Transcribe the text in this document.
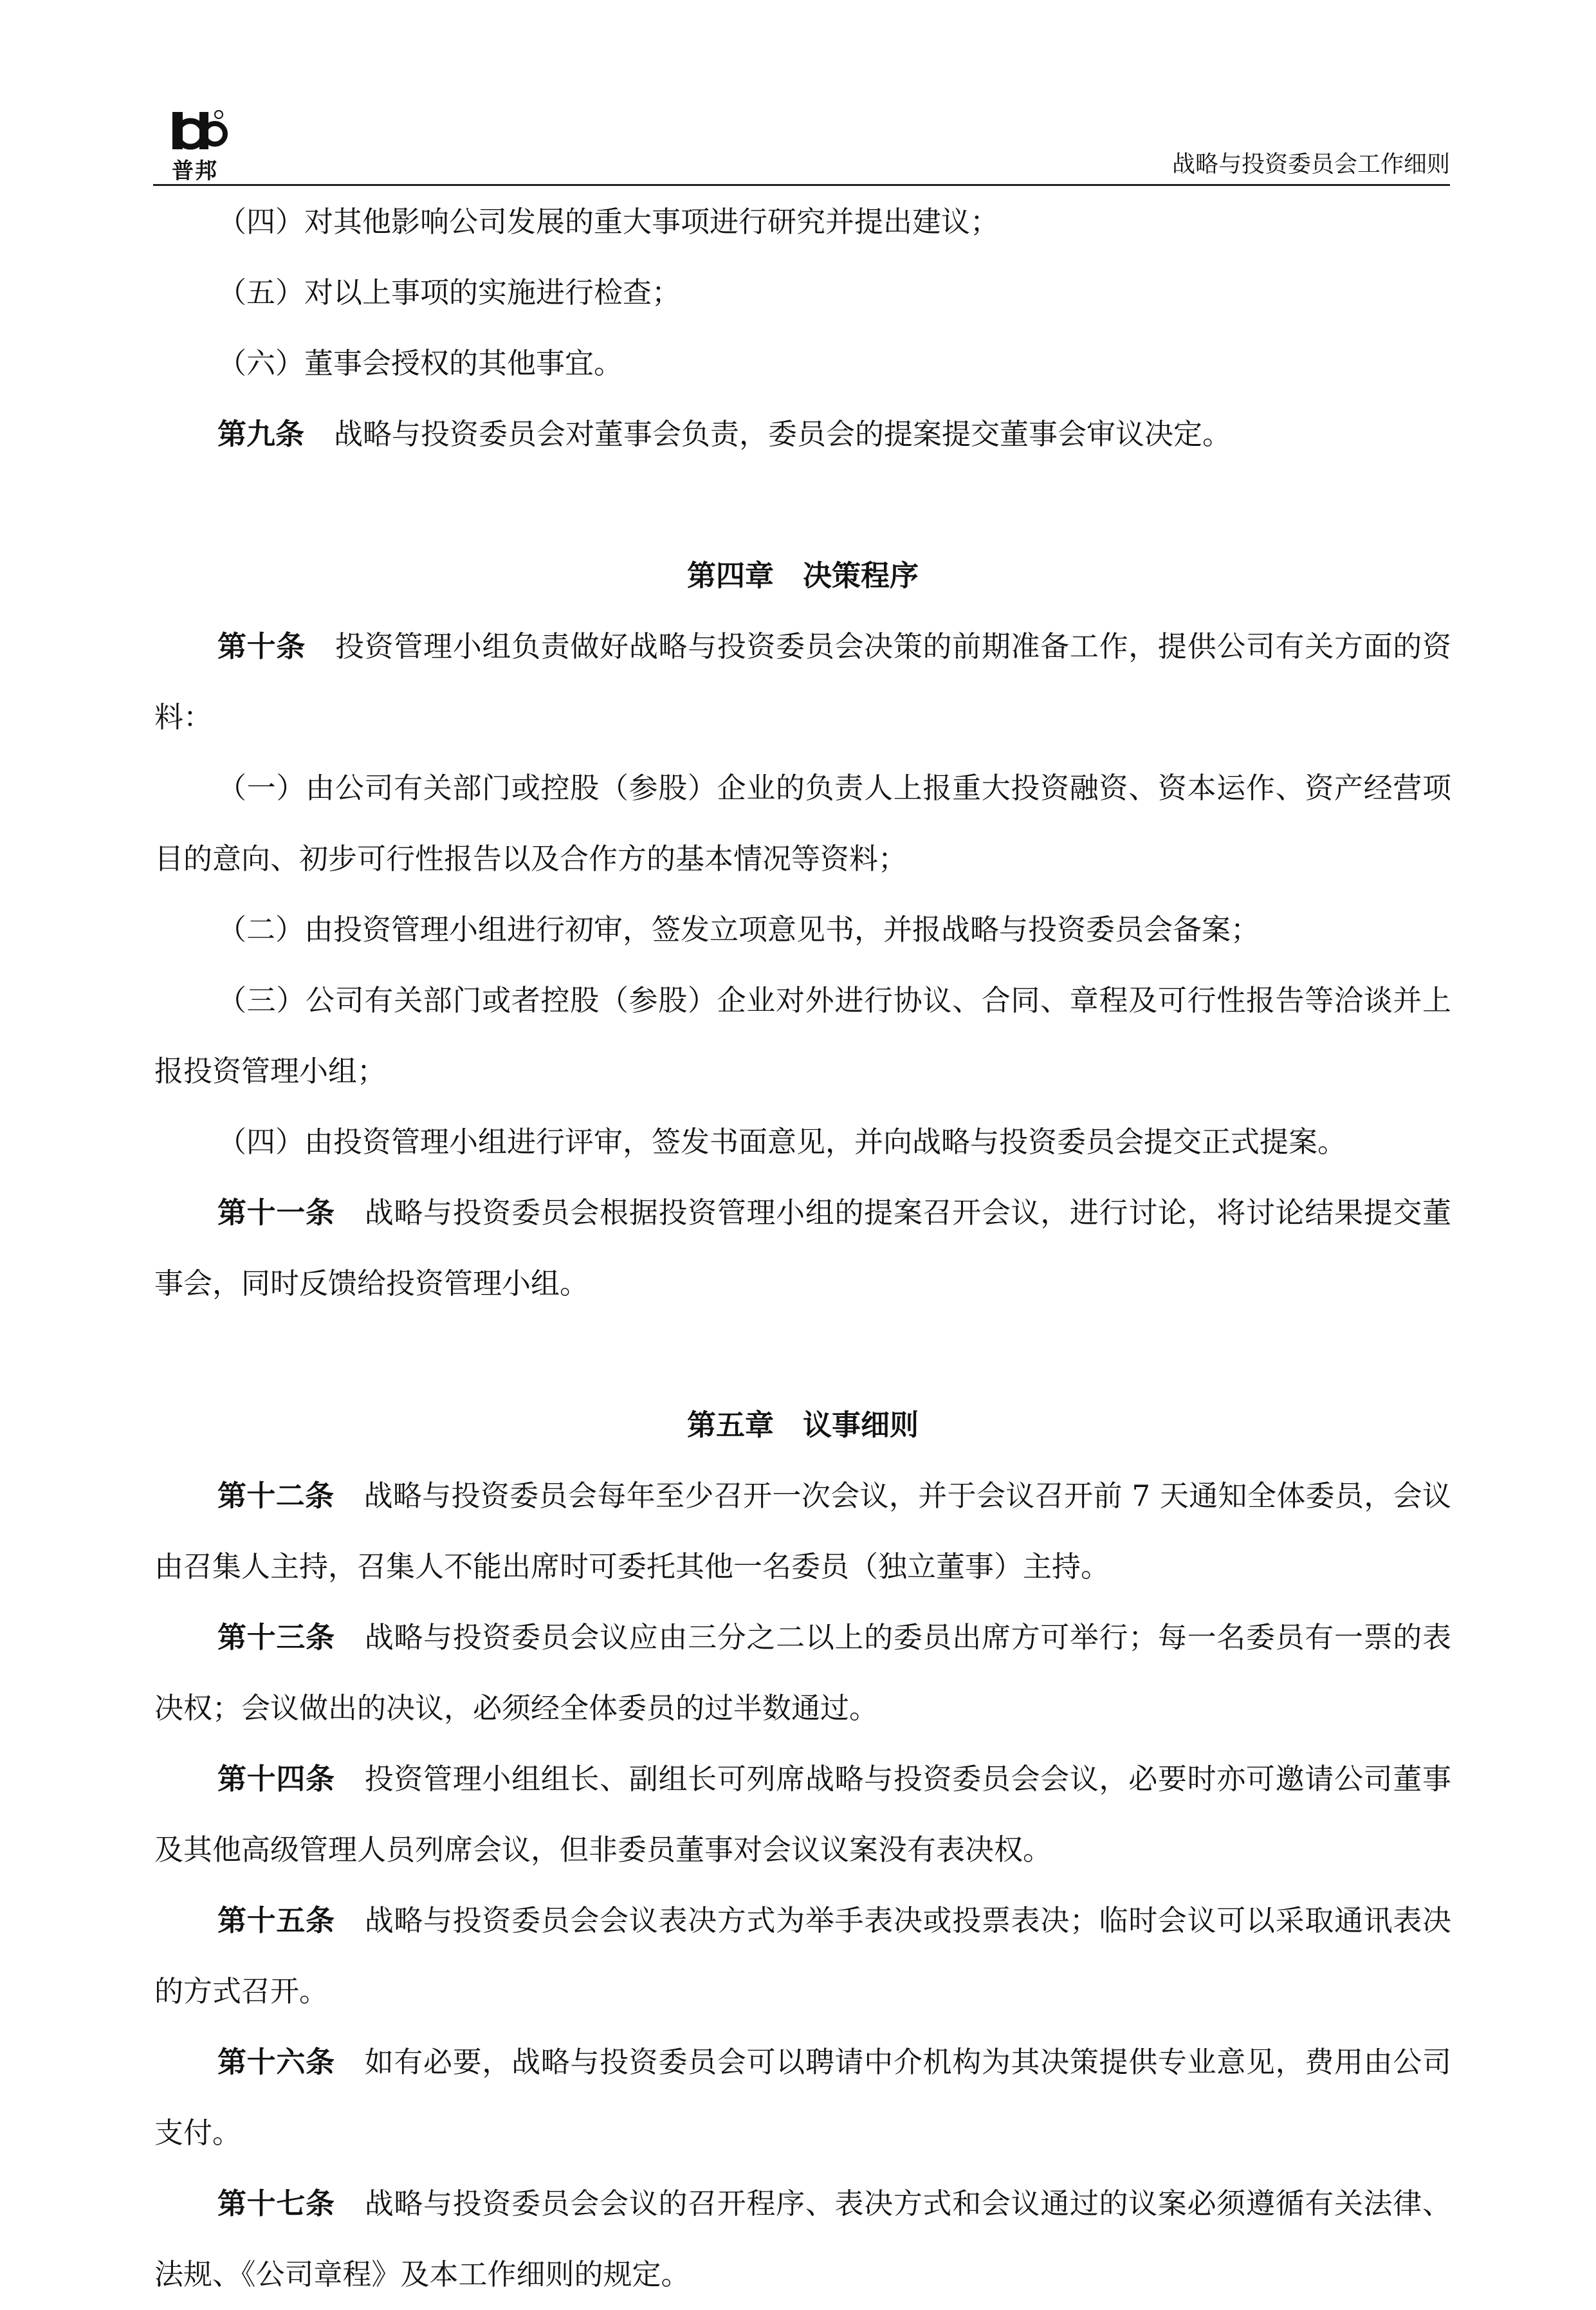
普邦	战略与投资委员会工作细则

（四）对其他影响公司发展的重大事项进行研究并提出建议；

（五）对以上事项的实施进行检查；

（六）董事会授权的其他事宜。

第九条 战略与投资委员会对董事会负责，委员会的提案提交董事会审议决定。

第四章  决策程序

第十条 投资管理小组负责做好战略与投资委员会决策的前期准备工作，提供公司有关方面的资料：

（一）由公司有关部门或控股（参股）企业的负责人上报重大投资融资、资本运作、资产经营项目的意向、初步可行性报告以及合作方的基本情况等资料；

（二）由投资管理小组进行初审，签发立项意见书，并报战略与投资委员会备案；

（三）公司有关部门或者控股（参股）企业对外进行协议、合同、章程及可行性报告等洽谈并上报投资管理小组；

（四）由投资管理小组进行评审，签发书面意见，并向战略与投资委员会提交正式提案。

第十一条 战略与投资委员会根据投资管理小组的提案召开会议，进行讨论，将讨论结果提交董事会，同时反馈给投资管理小组。

第五章  议事细则

第十二条 战略与投资委员会每年至少召开一次会议，并于会议召开前 7 天通知全体委员，会议由召集人主持，召集人不能出席时可委托其他一名委员（独立董事）主持。

第十三条 战略与投资委员会议应由三分之二以上的委员出席方可举行；每一名委员有一票的表决权；会议做出的决议，必须经全体委员的过半数通过。

第十四条 投资管理小组组长、副组长可列席战略与投资委员会会议，必要时亦可邀请公司董事及其他高级管理人员列席会议，但非委员董事对会议议案没有表决权。

第十五条 战略与投资委员会会议表决方式为举手表决或投票表决；临时会议可以采取通讯表决的方式召开。

第十六条 如有必要，战略与投资委员会可以聘请中介机构为其决策提供专业意见，费用由公司支付。

第十七条 战略与投资委员会会议的召开程序、表决方式和会议通过的议案必须遵循有关法律、法规、《公司章程》及本工作细则的规定。
